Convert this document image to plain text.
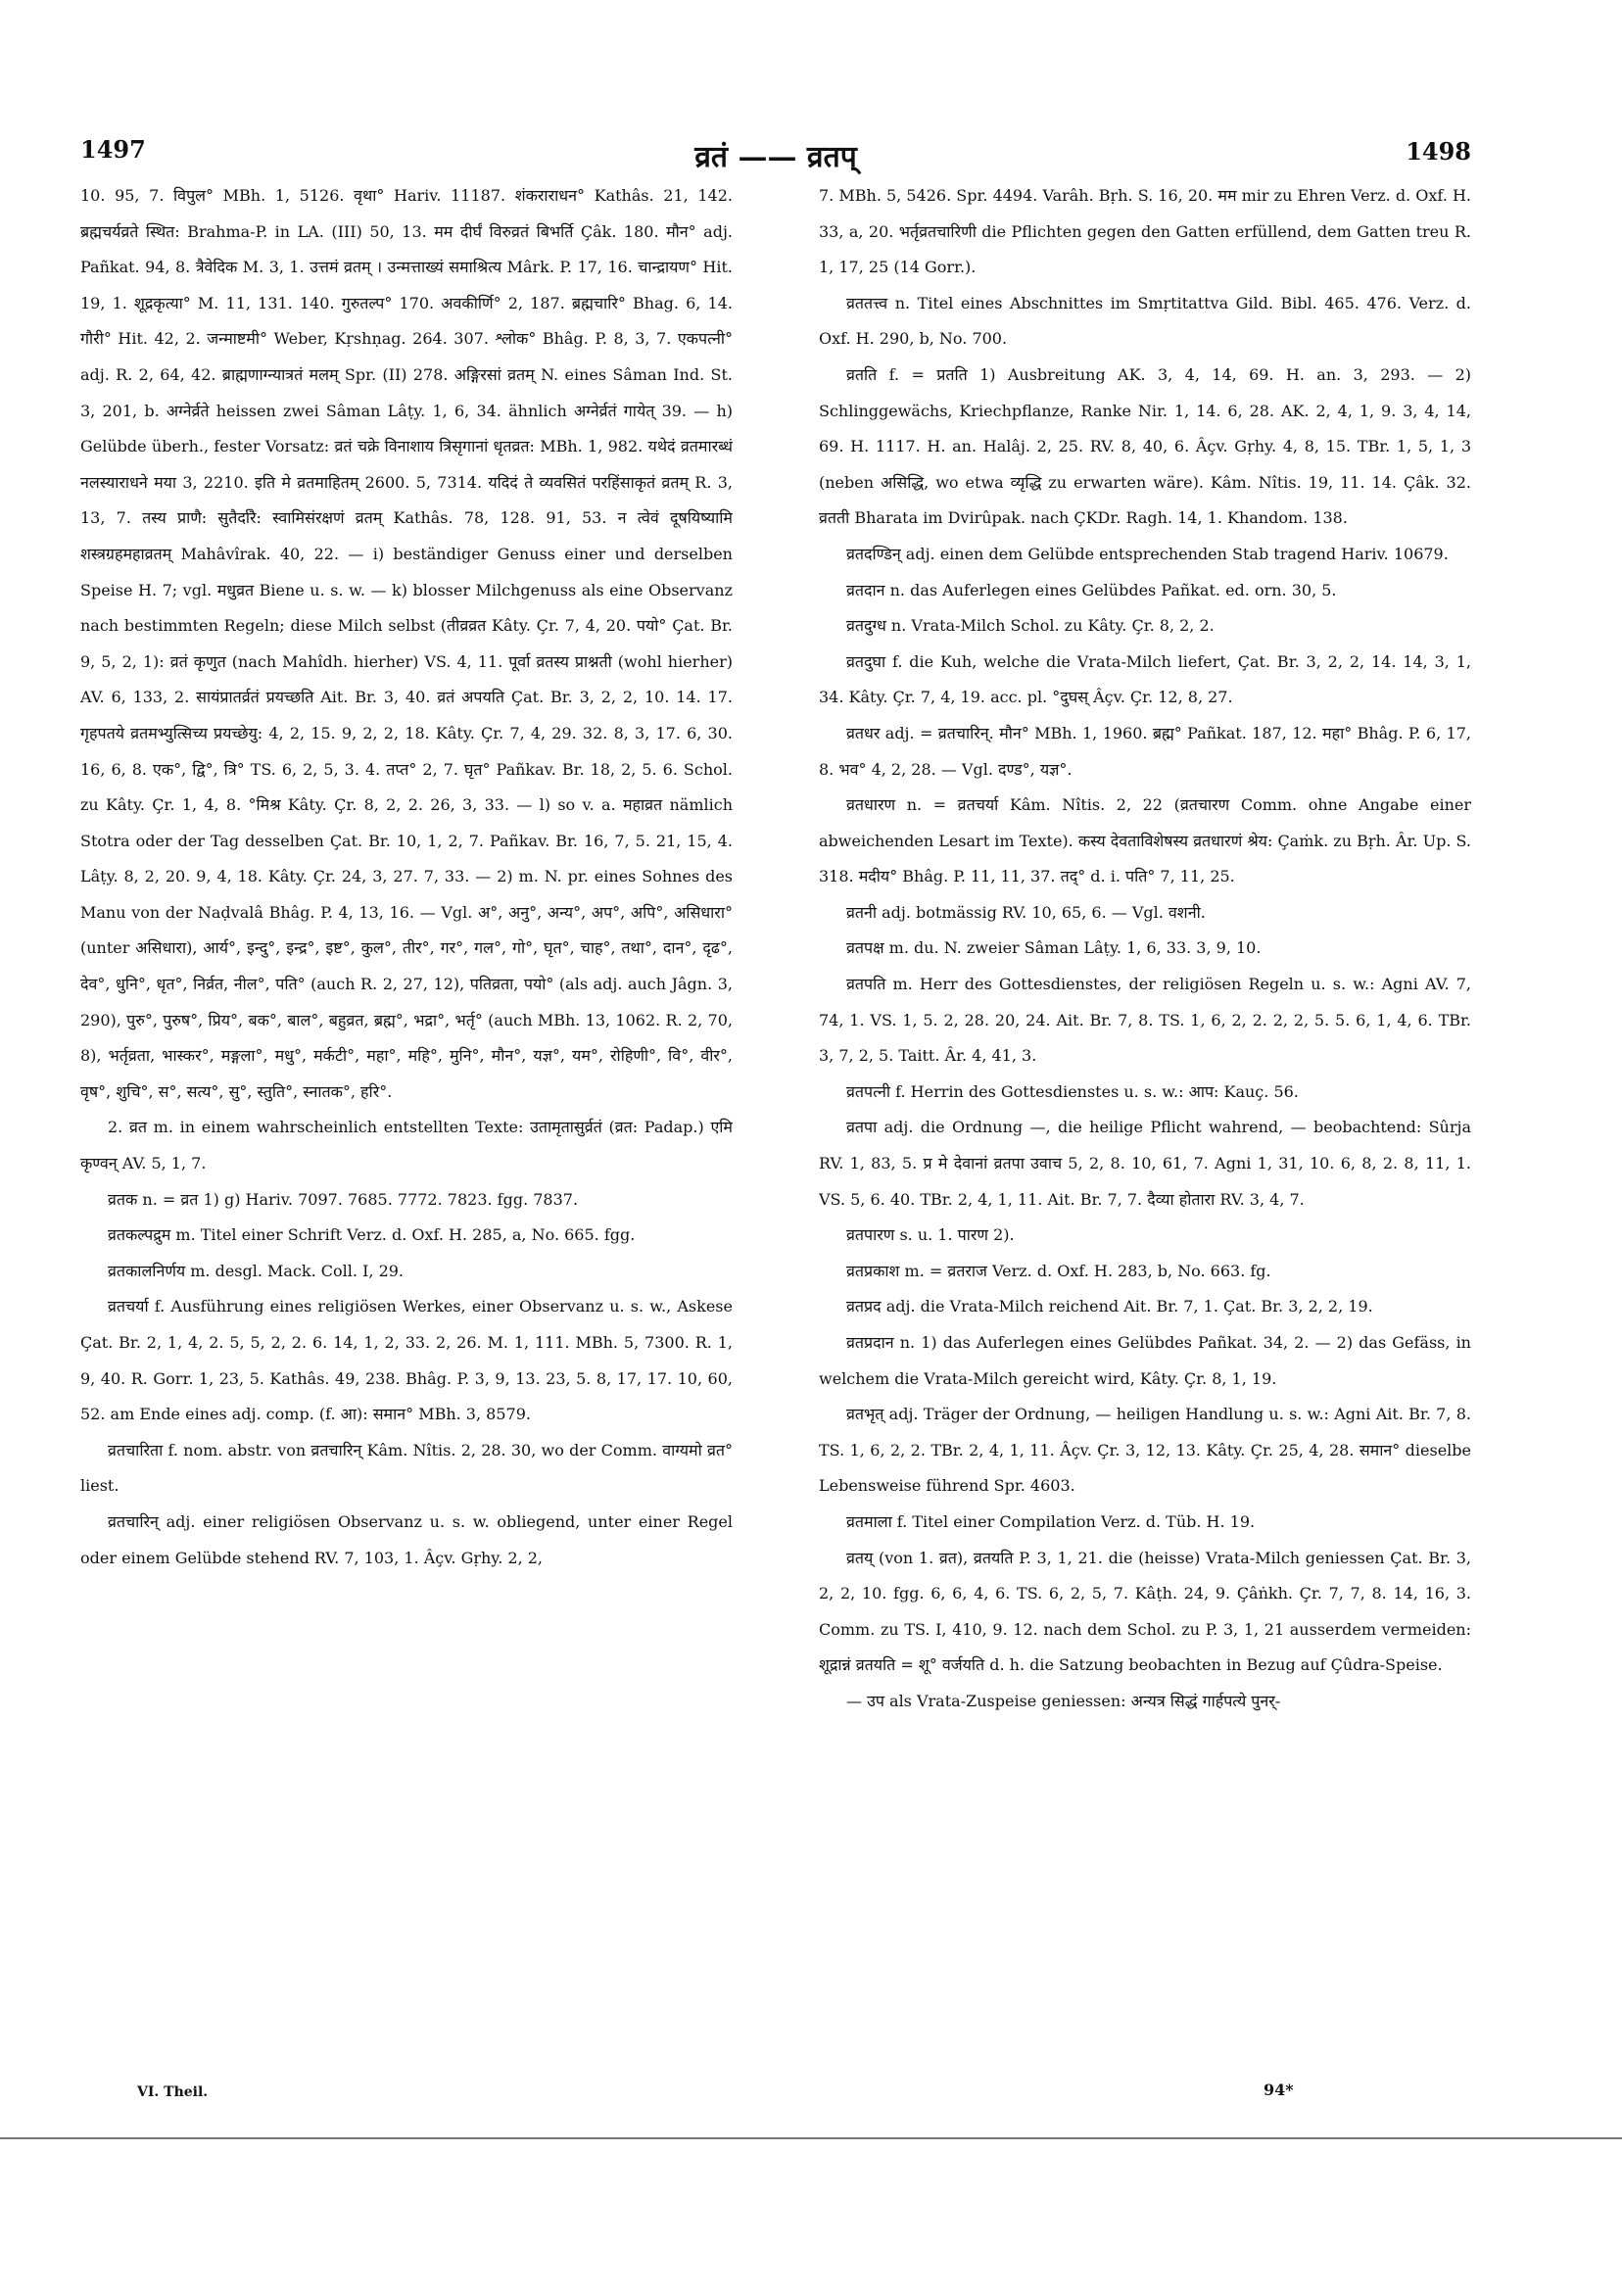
1497	व्रतं —— व्रतप्	1498

10. 95, 7. विपुल° MBh. 1, 5126. वृथा° Hariv. 11187. शंकराराधन° Kathâs. 21, 142. ब्रह्मचर्यव्रते स्थित: Brahma-P. in LA. (III) 50, 13. मम दीर्घं विरुव्रतं बिभर्ति Çâk. 180. मौन° adj. Pañkat. 94, 8. त्रैवेदिक M. 3, 1. उत्तमं व्रतम् । उन्मत्ताख्यं समाश्रित्य Mârk. P. 17, 16. चान्द्रायण° Hit. 19, 1. शूद्रकृत्या° M. 11, 131. 140. गुरुतल्प° 170. अवकीर्णि° 2, 187. ब्रह्मचारि° Bhag. 6, 14. गौरी° Hit. 42, 2. जन्माष्टमी° Weber, Kṛshṇag. 264. 307. श्लोक° Bhâg. P. 8, 3, 7. एकपत्नी° adj. R. 2, 64, 42. ब्राह्मणाग्न्यात्रतं मलम् Spr. (II) 278. अङ्गिरसां व्रतम् N. eines Sâman Ind. St. 3, 201, b. अग्नेर्व्रते heissen zwei Sâman Lâṭy. 1, 6, 34. ähnlich अग्नेर्व्रतं गायेत् 39. — h) Gelübde überh., fester Vorsatz: व्रतं चक्रे विनाशाय त्रिसृगानां धृतव्रत: MBh. 1, 982. यथेदं व्रतमारब्धं नलस्याराधने मया 3, 2210. इति मे व्रतमाहितम् 2600. 5, 7314. यदिदं ते व्यवसितं परहिंसाकृतं व्रतम् R. 3, 13, 7. तस्य प्राणै: सुतैर्दारै: स्वामिसंरक्षणं व्रतम् Kathâs. 78, 128. 91, 53. न त्वेवं दूषयिष्यामि शस्त्रग्रहमहाव्रतम् Mahâvîrak. 40, 22. — i) beständiger Genuss einer und derselben Speise H. 7; vgl. मधुव्रत Biene u. s. w. — k) blosser Milchgenuss als eine Observanz nach bestimmten Regeln; diese Milch selbst (तीव्रव्रत Kâty. Çr. 7, 4, 20. पयो° Çat. Br. 9, 5, 2, 1): व्रतं कृणुत (nach Mahîdh. hierher) VS. 4, 11. पूर्वा व्रतस्य प्राश्नती (wohl hierher) AV. 6, 133, 2. सायंप्रातर्व्रतं प्रयच्छति Ait. Br. 3, 40. व्रतं अपयति Çat. Br. 3, 2, 2, 10. 14. 17. गृहपतये व्रतमभ्युत्सिच्य प्रयच्छेयु: 4, 2, 15. 9, 2, 2, 18. Kâty. Çr. 7, 4, 29. 32. 8, 3, 17. 6, 30. 16, 6, 8. एक°, द्वि°, त्रि° TS. 6, 2, 5, 3. 4. तप्त° 2, 7. घृत° Pañkav. Br. 18, 2, 5. 6. Schol. zu Kâty. Çr. 1, 4, 8. °मिश्र Kâty. Çr. 8, 2, 2. 26, 3, 33. — l) so v. a. महाव्रत nämlich Stotra oder der Tag desselben Çat. Br. 10, 1, 2, 7. Pañkav. Br. 16, 7, 5. 21, 15, 4. Lâṭy. 8, 2, 20. 9, 4, 18. Kâty. Çr. 24, 3, 27. 7, 33. — 2) m. N. pr. eines Sohnes des Manu von der Naḍvalâ Bhâg. P. 4, 13, 16. — Vgl. अ°, अनु°, अन्य°, अप°, अपि°, असिधारा° (unter असिधारा), आर्य°, इन्दु°, इन्द्र°, इष्ट°, कुल°, तीर°, गर°, गल°, गो°, घृत°, चाह°, तथा°, दान°, दृढ°, देव°, धुनि°, धृत°, निर्व्रत, नील°, पति° (auch R. 2, 27, 12), पतिव्रता, पयो° (als adj. auch Jâgn. 3, 290), पुरु°, पुरुष°, प्रिय°, बक°, बाल°, बहुव्रत, ब्रह्म°, भद्रा°, भर्तृ° (auch MBh. 13, 1062. R. 2, 70, 8), भर्तृव्रता, भास्कर°, मङ्गला°, मधु°, मर्कटी°, महा°, महि°, मुनि°, मौन°, यज्ञ°, यम°, रोहिणी°, वि°, वीर°, वृष°, शुचि°, स°, सत्य°, सु°, स्तुति°, स्नातक°, हरि°.

2. व्रत m. in einem wahrscheinlich entstellten Texte: उतामृतासुर्व्रतं (व्रत: Padap.) एमि कृण्वन् AV. 5, 1, 7.

व्रतक n. = व्रत 1) g) Hariv. 7097. 7685. 7772. 7823. fgg. 7837.

व्रतकल्पद्रुम m. Titel einer Schrift Verz. d. Oxf. H. 285, a, No. 665. fgg.

व्रतकालनिर्णय m. desgl. Mack. Coll. I, 29.

व्रतचर्या f. Ausführung eines religiösen Werkes, einer Observanz u. s. w., Askese Çat. Br. 2, 1, 4, 2. 5, 5, 2, 2. 6. 14, 1, 2, 33. 2, 26. M. 1, 111. MBh. 5, 7300. R. 1, 9, 40. R. Gorr. 1, 23, 5. Kathâs. 49, 238. Bhâg. P. 3, 9, 13. 23, 5. 8, 17, 17. 10, 60, 52. am Ende eines adj. comp. (f. आ): समान° MBh. 3, 8579.

व्रतचारिता f. nom. abstr. von व्रतचारिन् Kâm. Nîtis. 2, 28. 30, wo der Comm. वाग्यमो व्रत° liest.

व्रतचारिन् adj. einer religiösen Observanz u. s. w. obliegend, unter einer Regel oder einem Gelübde stehend RV. 7, 103, 1. Âçv. Gṛhy. 2, 2,

7. MBh. 5, 5426. Spr. 4494. Varâh. Bṛh. S. 16, 20. मम mir zu Ehren Verz. d. Oxf. H. 33, a, 20. भर्तृव्रतचारिणी die Pflichten gegen den Gatten erfüllend, dem Gatten treu R. 1, 17, 25 (14 Gorr.).

व्रततत्त्व n. Titel eines Abschnittes im Smṛtitattva Gild. Bibl. 465. 476. Verz. d. Oxf. H. 290, b, No. 700.

व्रतति f. = प्रतति 1) Ausbreitung AK. 3, 4, 14, 69. H. an. 3, 293. — 2) Schlinggewächs, Kriechpflanze, Ranke Nir. 1, 14. 6, 28. AK. 2, 4, 1, 9. 3, 4, 14, 69. H. 1117. H. an. Halâj. 2, 25. RV. 8, 40, 6. Âçv. Gṛhy. 4, 8, 15. TBr. 1, 5, 1, 3 (neben असिद्धि, wo etwa व्यृद्धि zu erwarten wäre). Kâm. Nîtis. 19, 11. 14. Çâk. 32. व्रतती Bharata im Dvirûpak. nach ÇKDr. Ragh. 14, 1. Khandom. 138.

व्रतदण्डिन् adj. einen dem Gelübde entsprechenden Stab tragend Hariv. 10679.

व्रतदान n. das Auferlegen eines Gelübdes Pañkat. ed. orn. 30, 5.

व्रतदुग्ध n. Vrata-Milch Schol. zu Kâty. Çr. 8, 2, 2.

व्रतदुघा f. die Kuh, welche die Vrata-Milch liefert, Çat. Br. 3, 2, 2, 14. 14, 3, 1, 34. Kâty. Çr. 7, 4, 19. acc. pl. °दुघस् Âçv. Çr. 12, 8, 27.

व्रतधर adj. = व्रतचारिन्. मौन° MBh. 1, 1960. ब्रह्म° Pañkat. 187, 12. महा° Bhâg. P. 6, 17, 8. भव° 4, 2, 28. — Vgl. दण्ड°, यज्ञ°.

व्रतधारण n. = व्रतचर्या Kâm. Nîtis. 2, 22 (व्रतचारण Comm. ohne Angabe einer abweichenden Lesart im Texte). कस्य देवताविशेषस्य व्रतधारणं श्रेय: Çaṁk. zu Bṛh. Âr. Up. S. 318. मदीय° Bhâg. P. 11, 11, 37. तद्° d. i. पति° 7, 11, 25.

व्रतनी adj. botmässig RV. 10, 65, 6. — Vgl. वशनी.

व्रतपक्ष m. du. N. zweier Sâman Lâṭy. 1, 6, 33. 3, 9, 10.

व्रतपति m. Herr des Gottesdienstes, der religiösen Regeln u. s. w.: Agni AV. 7, 74, 1. VS. 1, 5. 2, 28. 20, 24. Ait. Br. 7, 8. TS. 1, 6, 2, 2. 2, 2, 5. 5. 6, 1, 4, 6. TBr. 3, 7, 2, 5. Taitt. Âr. 4, 41, 3.

व्रतपत्नी f. Herrin des Gottesdienstes u. s. w.: आप: Kauç. 56.

व्रतपा adj. die Ordnung —, die heilige Pflicht wahrend, — beobachtend: Sûrja RV. 1, 83, 5. प्र मे देवानां व्रतपा उवाच 5, 2, 8. 10, 61, 7. Agni 1, 31, 10. 6, 8, 2. 8, 11, 1. VS. 5, 6. 40. TBr. 2, 4, 1, 11. Ait. Br. 7, 7. दैव्या होतारा RV. 3, 4, 7.

व्रतपारण s. u. 1. पारण 2).

व्रतप्रकाश m. = व्रतराज Verz. d. Oxf. H. 283, b, No. 663. fg.

व्रतप्रद adj. die Vrata-Milch reichend Ait. Br. 7, 1. Çat. Br. 3, 2, 2, 19.

व्रतप्रदान n. 1) das Auferlegen eines Gelübdes Pañkat. 34, 2. — 2) das Gefäss, in welchem die Vrata-Milch gereicht wird, Kâty. Çr. 8, 1, 19.

व्रतभृत् adj. Träger der Ordnung, — heiligen Handlung u. s. w.: Agni Ait. Br. 7, 8. TS. 1, 6, 2, 2. TBr. 2, 4, 1, 11. Âçv. Çr. 3, 12, 13. Kâty. Çr. 25, 4, 28. समान° dieselbe Lebensweise führend Spr. 4603.

व्रतमाला f. Titel einer Compilation Verz. d. Tüb. H. 19.

व्रतय् (von 1. व्रत), व्रतयति P. 3, 1, 21. die (heisse) Vrata-Milch geniessen Çat. Br. 3, 2, 2, 10. fgg. 6, 6, 4, 6. TS. 6, 2, 5, 7. Kâṭh. 24, 9. Çâṅkh. Çr. 7, 7, 8. 14, 16, 3. Comm. zu TS. I, 410, 9. 12. nach dem Schol. zu P. 3, 1, 21 ausserdem vermeiden: शूद्रान्नं व्रतयति = शू° वर्जयति d. h. die Satzung beobachten in Bezug auf Çûdra-Speise.

— उप als Vrata-Zuspeise geniessen: अन्यत्र सिद्धं गार्हपत्ये पुनर्-

VI. Theil.	94*
